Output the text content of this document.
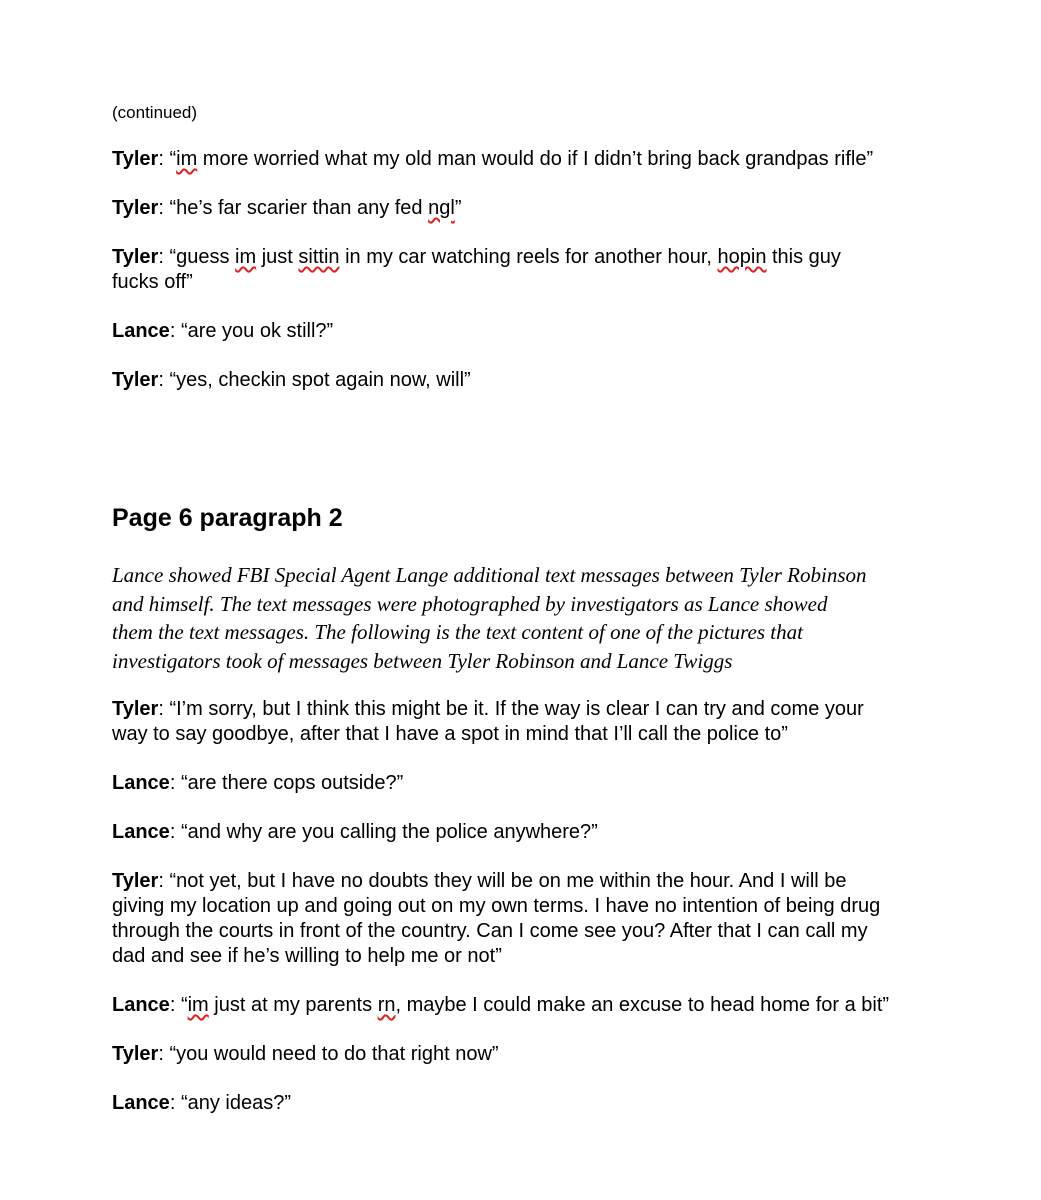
(continued)

Tyler: “im more worried what my old man would do if I didn’t bring back grandpas rifle”

Tyler: “he’s far scarier than any fed ngl”

Tyler: “guess im just sittin in my car watching reels for another hour, hopin this guy
fucks off”

Lance: “are you ok still?”

Tyler: “yes, checkin spot again now, will”

Page 6 paragraph 2

Lance showed FBI Special Agent Lange additional text messages between Tyler Robinson
and himself. The text messages were photographed by investigators as Lance showed
them the text messages. The following is the text content of one of the pictures that
investigators took of messages between Tyler Robinson and Lance Twiggs

Tyler: “I’m sorry, but I think this might be it. If the way is clear I can try and come your
way to say goodbye, after that I have a spot in mind that I’ll call the police to”

Lance: “are there cops outside?”

Lance: “and why are you calling the police anywhere?”

Tyler: “not yet, but I have no doubts they will be on me within the hour. And I will be
giving my location up and going out on my own terms. I have no intention of being drug
through the courts in front of the country. Can I come see you? After that I can call my
dad and see if he’s willing to help me or not”

Lance: “im just at my parents rn, maybe I could make an excuse to head home for a bit”

Tyler: “you would need to do that right now”

Lance: “any ideas?”
